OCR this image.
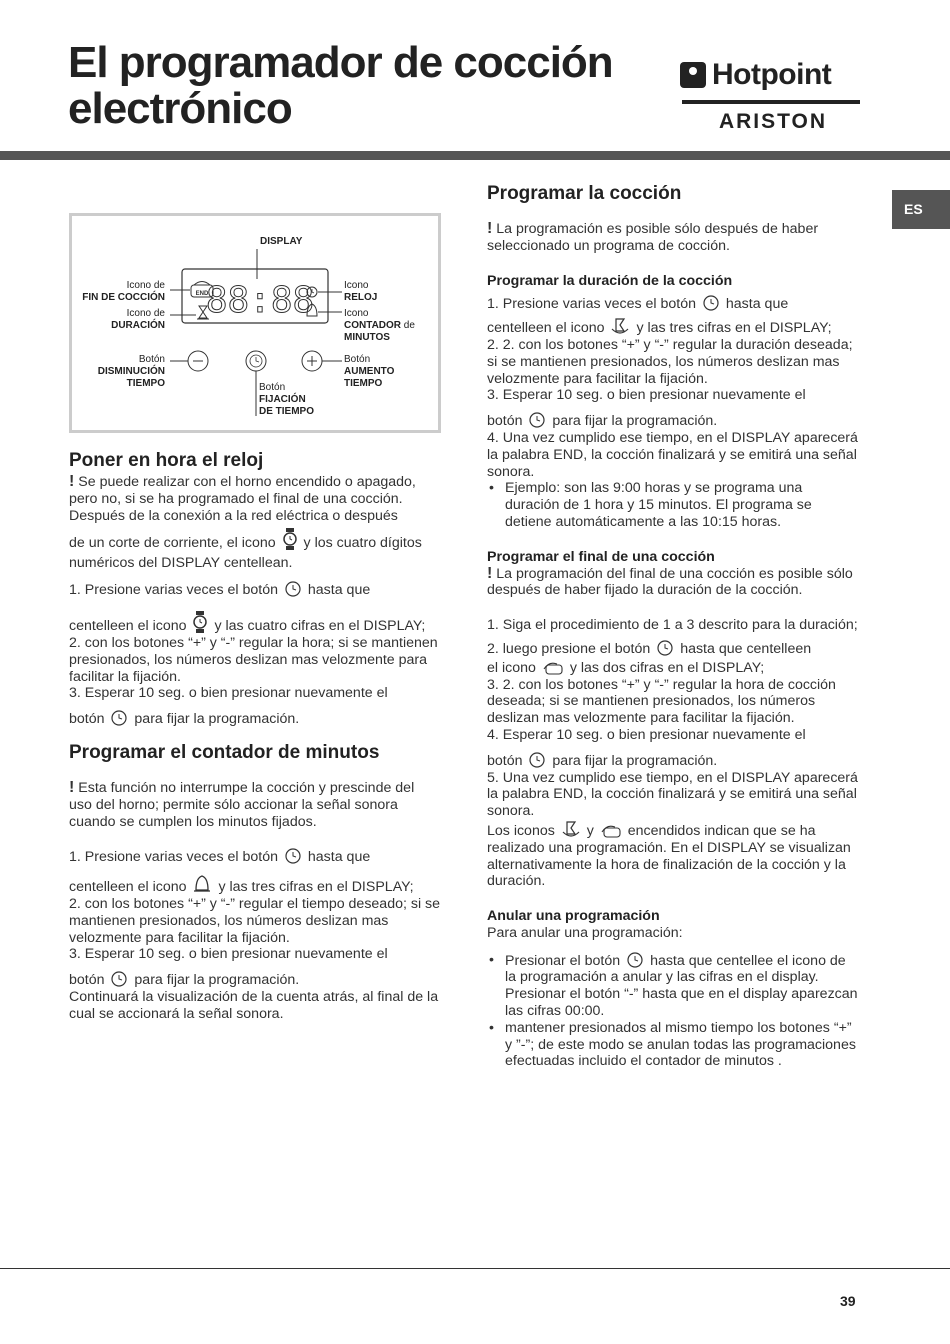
El programador de cocción
electrónico
Hotpoint
ARISTON
ES
88:88
END
DISPLAY
Icono de
FIN DE COCCIÓN
Icono de
DURACIÓN
Icono
RELOJ
Icono
CONTADOR de
MINUTOS
Botón
DISMINUCIÓN
TIEMPO
Botón
AUMENTO
TIEMPO
Botón
FIJACIÓN
DE TIEMPO
Poner en hora el reloj

! Se puede realizar con el horno encendido o apagado, pero no, si se ha programado el final de una cocción.

Después de la conexión a la red eléctrica o después

de un corte de corriente, el icono y los cuatro dígitos numéricos del DISPLAY centellean.

1. Presione varias veces el botón hasta que

centelleen el icono y las cuatro cifras en el DISPLAY;

2. con los botones “+” y “-” regular la hora; si se mantienen presionados, los números deslizan mas velozmente para facilitar la fijación.

3. Esperar 10 seg. o bien presionar nuevamente el

botón para fijar la programación.

Programar el contador de minutos

! Esta función no interrumpe la cocción y prescinde del uso del horno; permite sólo accionar la señal sonora cuando se cumplen los minutos fijados.

1. Presione varias veces el botón hasta que

centelleen el icono y las tres cifras en el DISPLAY;

2. con los botones “+” y “-” regular el tiempo deseado; si se mantienen presionados, los números deslizan mas velozmente para facilitar la fijación.

3. Esperar 10 seg. o bien presionar nuevamente el

botón para fijar la programación.

Continuará la visualización de la cuenta atrás, al final de la cual se accionará la señal sonora.

Programar la cocción

! La programación es posible sólo después de haber seleccionado un programa de cocción.

Programar la duración de la cocción

1. Presione varias veces el botón hasta que

centelleen el icono y las tres cifras en el DISPLAY;

2. 2. con los botones “+” y “-” regular la duración deseada; si se mantienen presionados, los números deslizan mas velozmente para facilitar la fijación.

3. Esperar 10 seg. o bien presionar nuevamente el

botón para fijar la programación.

4. Una vez cumplido ese tiempo, en el DISPLAY aparecerá la palabra END, la cocción finalizará y se emitirá una señal sonora.

• Ejemplo: son las 9:00 horas y se programa una duración de 1 hora y 15 minutos. El programa se detiene automáticamente a las 10:15 horas.
Programar el final de una cocción

! La programación del final de una cocción es posible sólo después de haber fijado la duración de la cocción.

1. Siga el procedimiento de 1 a 3 descrito para la duración;

2. luego presione el botón hasta que centelleen

el icono y las dos cifras en el DISPLAY;

3. 2. con los botones “+” y “-” regular la hora de cocción deseada; si se mantienen presionados, los números deslizan mas velozmente para facilitar la fijación.

4. Esperar 10 seg. o bien presionar nuevamente el

botón para fijar la programación.

5. Una vez cumplido ese tiempo, en el DISPLAY aparecerá la palabra END, la cocción finalizará y se emitirá una señal sonora.

Los iconos y encendidos indican que se ha realizado una programación. En el DISPLAY se visualizan alternativamente la hora de finalización de la cocción y la duración.

Anular una programación

Para anular una programación:

• Presionar el botón hasta que centellee el icono de la programación a anular y las cifras en el display. Presionar el botón “-” hasta que en el display aparezcan las cifras 00:00.
• mantener presionados al mismo tiempo los botones “+” y ”-”; de este modo se anulan todas las programaciones efectuadas incluido el contador de minutos .
39
